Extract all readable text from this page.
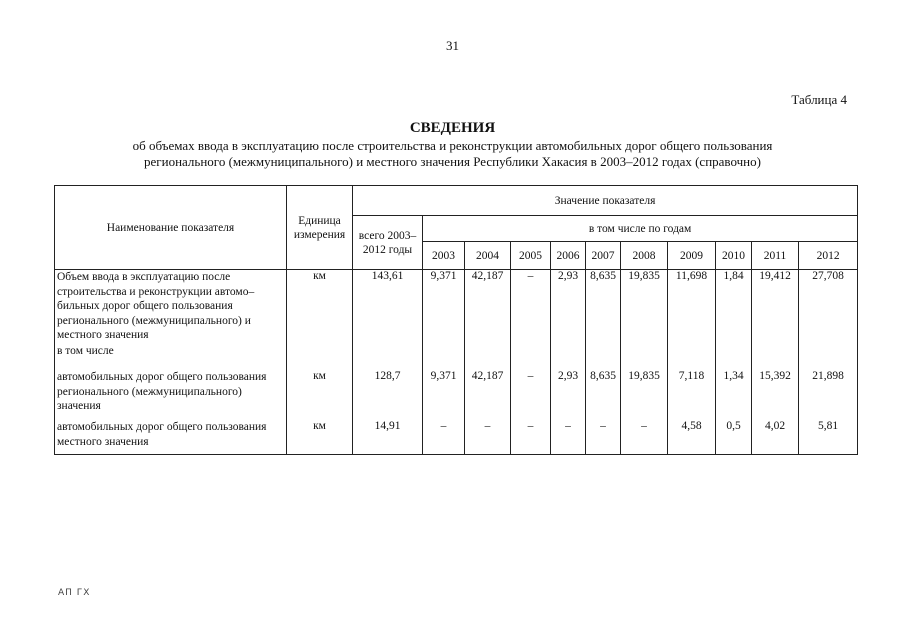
31
Таблица 4
СВЕДЕНИЯ
об объемах ввода в эксплуатацию после строительства и реконструкции автомобильных дорог общего пользования
регионального (межмуниципального) и местного значения Республики Хакасия в 2003–2012 годах (справочно)
Наименование показателя	Единица измерения	Значение показателя										
		всего 2003–2012 годы	в том числе по годам									
			2003	2004	2005	2006	2007	2008	2009	2010	2011	2012
Объем ввода в эксплуатацию после строительства и реконструкции автомо–бильных дорог общего пользования регионального (межмуниципального) и местного значения	км	143,61	9,371	42,187	–	2,93	8,635	19,835	11,698	1,84	19,412	27,708
в том числе												
автомобильных дорог общего пользования регионального (межмуниципального) значения	км	128,7	9,371	42,187	–	2,93	8,635	19,835	7,118	1,34	15,392	21,898
автомобильных дорог общего пользования местного значения	км	14,91	–	–	–	–	–	–	4,58	0,5	4,02	5,81
АП ГХ
